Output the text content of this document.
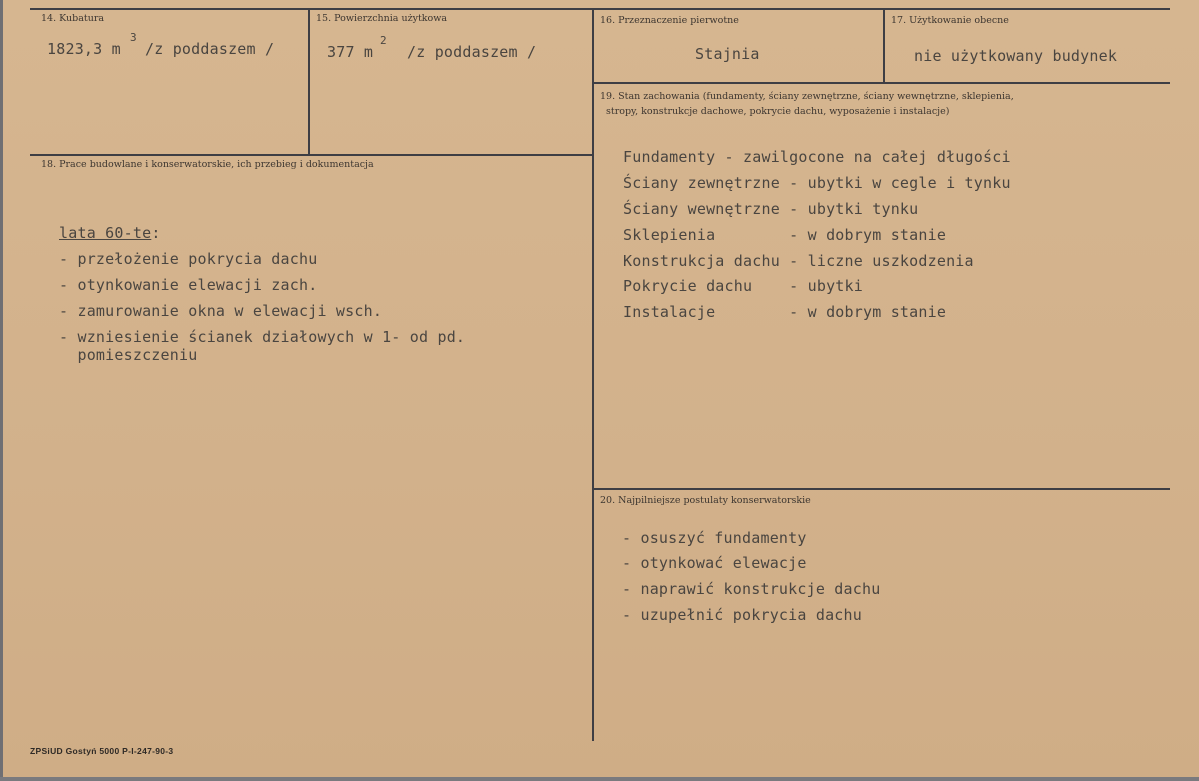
14. Kubatura
1823,3 m
3
/z poddaszem /
15. Powierzchnia użytkowa
377 m
2
/z poddaszem /
16. Przeznaczenie pierwotne
Stajnia
17. Użytkowanie obecne
nie użytkowany budynek
18. Prace budowlane i konserwatorskie, ich przebieg i dokumentacja
lata 60-te:
- przełożenie pokrycia dachu
- otynkowanie elewacji zach.
- zamurowanie okna w elewacji wsch.
- wzniesienie ścianek działowych w 1- od pd.
pomieszczeniu
19. Stan zachowania (fundamenty, ściany zewnętrzne, ściany wewnętrzne, sklepienia,
stropy, konstrukcje dachowe, pokrycie dachu, wyposażenie i instalacje)
Fundamenty - zawilgocone na całej długości
Ściany zewnętrzne - ubytki w cegle i tynku
Ściany wewnętrzne - ubytki tynku
Sklepienia        - w dobrym stanie
Konstrukcja dachu - liczne uszkodzenia
Pokrycie dachu    - ubytki
Instalacje        - w dobrym stanie
20. Najpilniejsze postulaty konserwatorskie
- osuszyć fundamenty
- otynkować elewacje
- naprawić konstrukcje dachu
- uzupełnić pokrycia dachu
ZPSiUD Gostyń 5000 P-I-247-90-3
